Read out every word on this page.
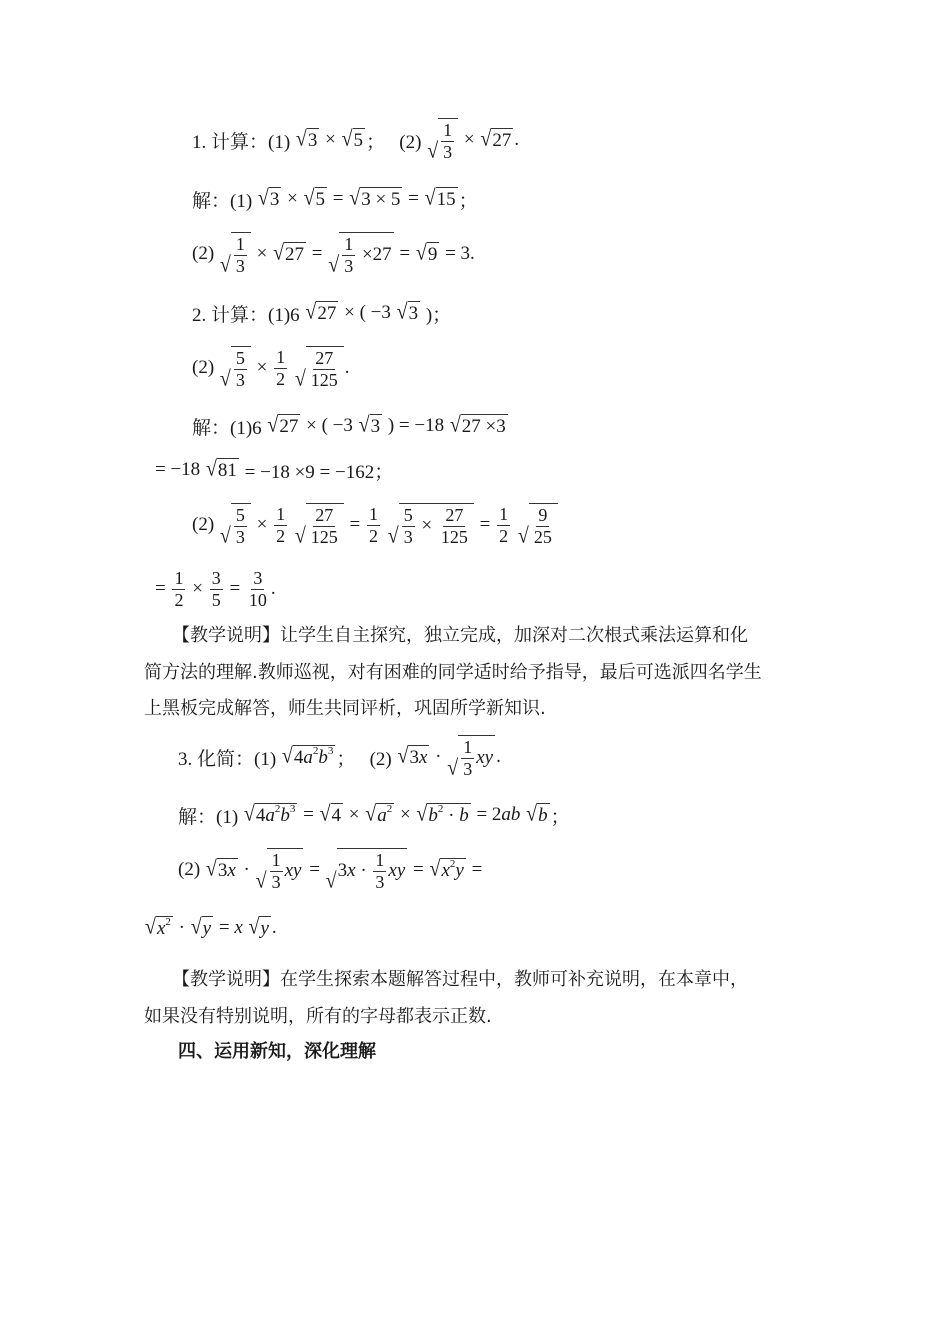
1. 计算：(1) √ 3 × √ 5 ；   (2) √ $\frac{1}{3}$ × √ 27 .
解：(1) √ 3 × √ 5 = √ 3 × 5 = √ 15 ；
(2) √ $\frac{1}{3}$ × √ 27 = √ $\frac{1}{3} \times 27$ = √ 9 = 3.
2. 计算：(1)6 √ 27 × ( −3 √ 3 )；
(2) √ $\frac{5}{3} \times \frac{1}{2}$
√ $\frac{27}{125}$ .
解：(1)6 √ 27 × ( −3 √ 3 ) = −18 √ 27 ×3
= −18 √ 81 = −18 ×9 = −162；
(2) √ $\frac{5}{3} \times \frac{1}{2}$
√ $\frac{27}{125} = \frac{1}{2}$
√ $\frac{5}{3} \times \frac{27}{125} = \frac{1}{2}$
√ $\frac{9}{25}$
= $\frac{1}{2} \times \frac{3}{5} = \frac{3}{10}$ .
【教学说明】让学生自主探究，独立完成，加深对二次根式乘法运算和化
简方法的理解.教师巡视，对有困难的同学适时给予指导，最后可选派四名学生
上黑板完成解答，师生共同评析，巩固所学新知识.
3. 化简：(1) √ 4 a 2 b 3 ；   (2) √ 3 x · √ $\frac{1}{3}$ xy .
解：(1) √ 4 a 2 b 3 = √ 4 × √ a 2 × √ b 2 · b = 2 ab
√ b ；
(2) √ 3 x · √ $\frac{1}{3}$ xy = √ 3 $x \cdot \frac{1}{3}$ xy = √ x 2 y =
√ x 2 · √ y = x
√ y .
【教学说明】在学生探索本题解答过程中，教师可补充说明，在本章中，
如果没有特别说明，所有的字母都表示正数.
四、运用新知，深化理解
